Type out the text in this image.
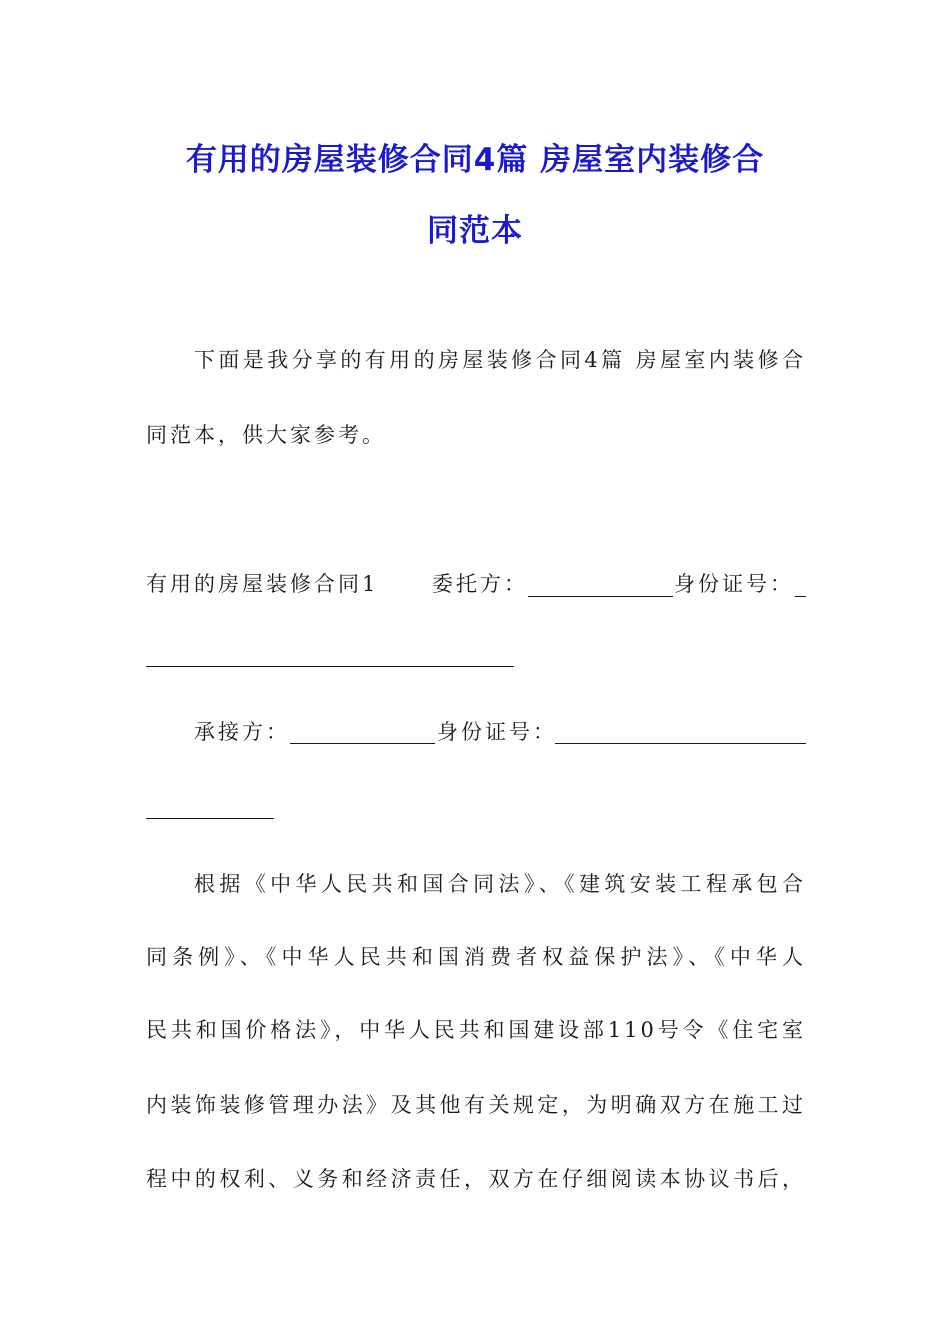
有用的房屋装修合同4篇 房屋室内装修合
同范本
下面是我分享的有用的房屋装修合同4篇 房屋室内装修合
同范本，供大家参考。
有用的房屋装修合同1	委托方：	身份证号：
承接方：	身份证号：
根据《中华人民共和国合同法》、《建筑安装工程承包合
同条例》、《中华人民共和国消费者权益保护法》、《中华人
民共和国价格法》，中华人民共和国建设部110号令《住宅室
内装饰装修管理办法》及其他有关规定，为明确双方在施工过
程中的权利、义务和经济责任，双方在仔细阅读本协议书后，
